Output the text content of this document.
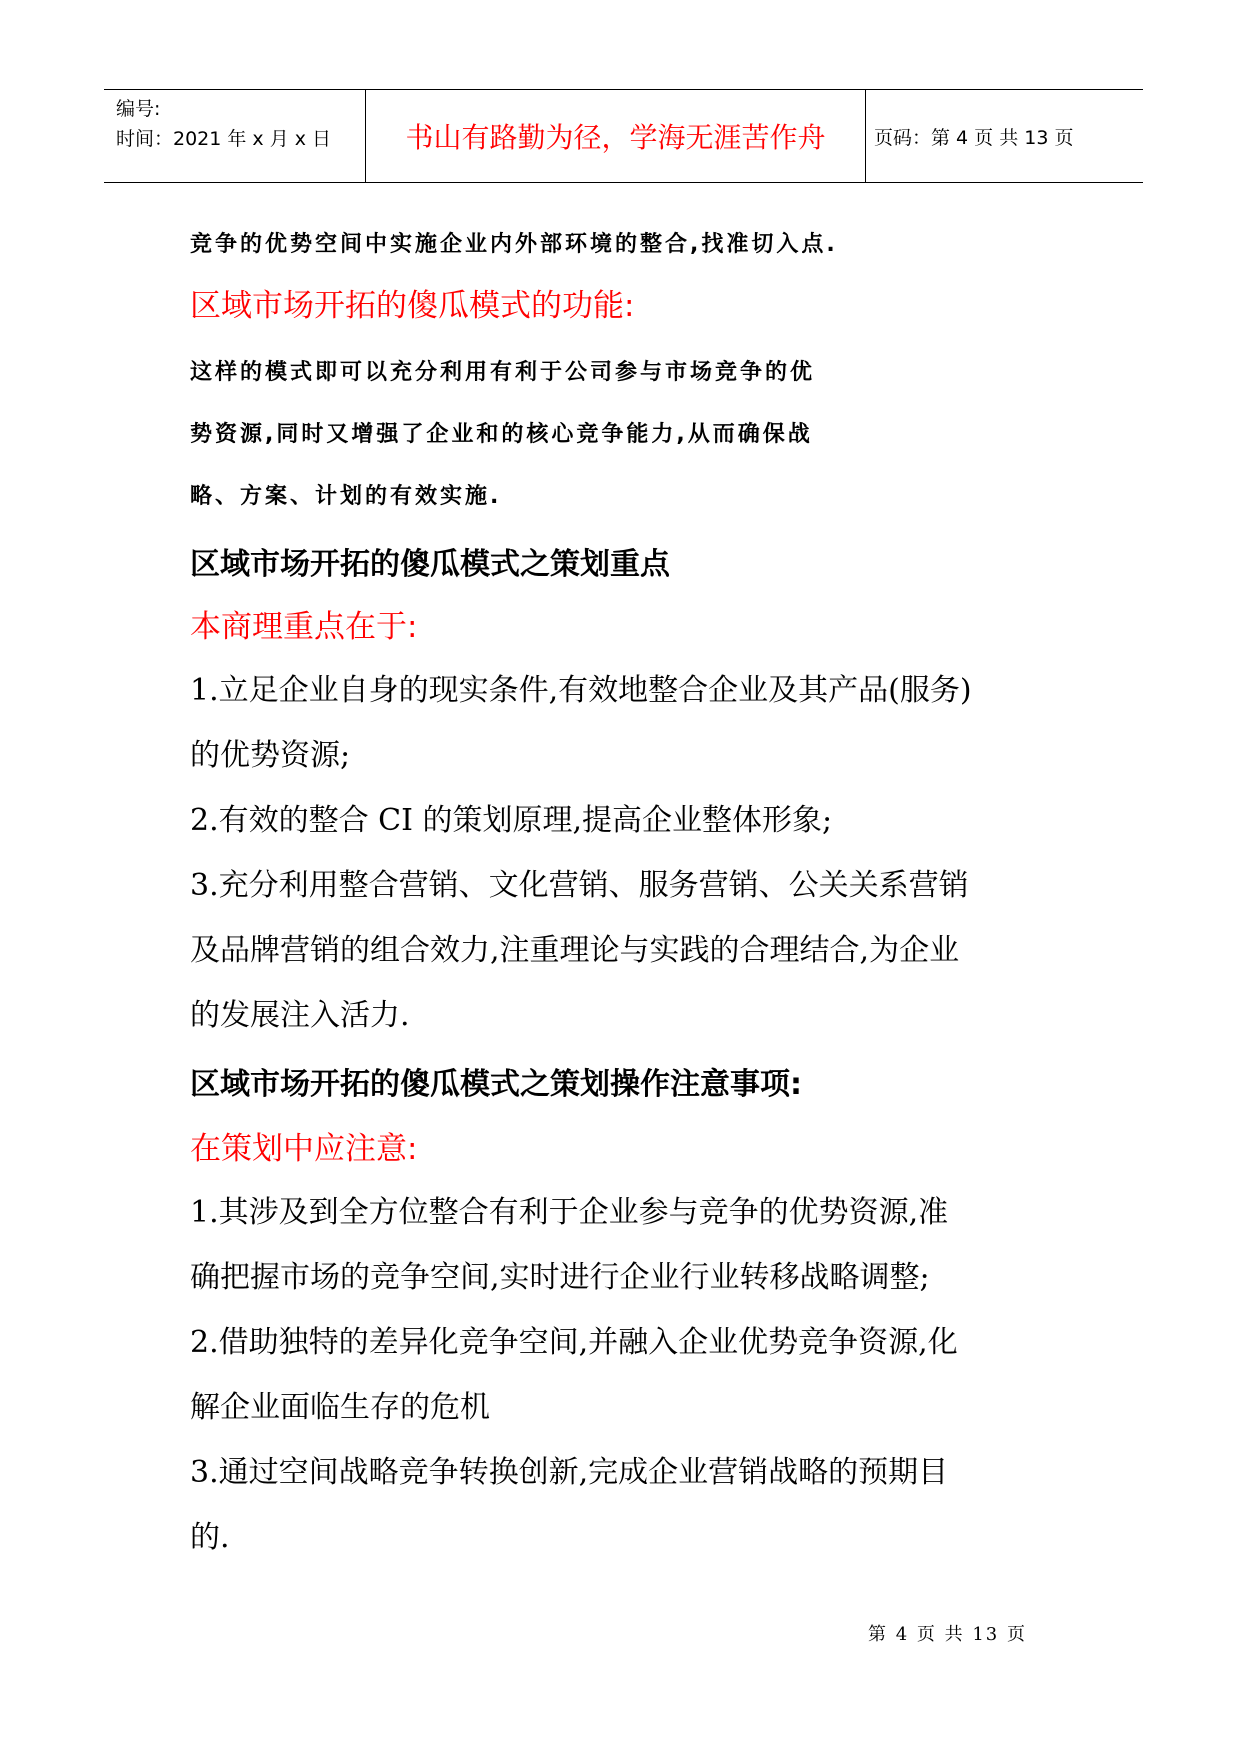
编号:
时间：2021 年 x 月 x 日	书山有路勤为径，学海无涯苦作舟	页码：第 4 页 共 13 页

竞争的优势空间中实施企业内外部环境的整合,找准切入点.

区域市场开拓的傻瓜模式的功能:

这样的模式即可以充分利用有利于公司参与市场竞争的优

势资源,同时又增强了企业和的核心竞争能力,从而确保战

略、方案、计划的有效实施.

区域市场开拓的傻瓜模式之策划重点

本商理重点在于:

1.立足企业自身的现实条件,有效地整合企业及其产品(服务)

的优势资源;

2.有效的整合 CI 的策划原理,提高企业整体形象;

3.充分利用整合营销、文化营销、服务营销、公关关系营销

及品牌营销的组合效力,注重理论与实践的合理结合,为企业

的发展注入活力.

区域市场开拓的傻瓜模式之策划操作注意事项:

在策划中应注意:

1.其涉及到全方位整合有利于企业参与竞争的优势资源,准

确把握市场的竞争空间,实时进行企业行业转移战略调整;

2.借助独特的差异化竞争空间,并融入企业优势竞争资源,化

解企业面临生存的危机

3.通过空间战略竞争转换创新,完成企业营销战略的预期目

的.

第 4 页 共 13 页
